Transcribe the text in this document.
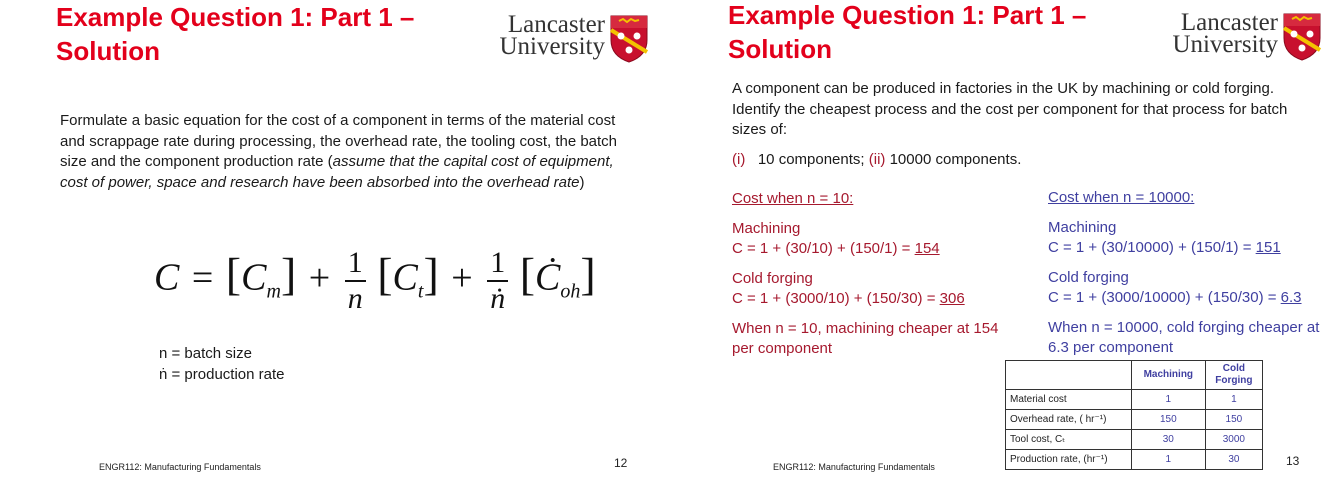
Example Question 1: Part 1 –
Solution
Lancaster
University
Formulate a basic equation for the cost of a component in terms of the material cost and scrappage rate during processing, the overhead rate, the tooling cost, the batch size and the component production rate (assume that the capital cost of equipment, cost of power, space and research have been absorbed into the overhead rate)
$C = [C_m] + \frac{1}{n} [C_t] + \frac{1}{\text{ṅ}}$ $[Ċ_{oh}]$
n = batch size
ṅ = production rate
ENGR112: Manufacturing Fundamentals	12
Example Question 1: Part 1 –
Solution
Lancaster
University
A component can be produced in factories in the UK by machining or cold forging. Identify the cheapest process and the cost per component for that process for batch sizes of:
(i) 10 components; (ii) 10000 components.
Cost when n = 10:
Machining
C = 1 + (30/10) + (150/1) = 154
Cold forging
C = 1 + (3000/10) + (150/30) = 306
When n = 10, machining cheaper at 154 per component
Cost when n = 10000:
Machining
C = 1 + (30/10000) + (150/1) = 151
Cold forging
C = 1 + (3000/10000) + (150/30) = 6.3
When n = 10000, cold forging cheaper at 6.3 per component
	Machining	Cold Forging
Material cost	1	1
Overhead rate, ( hr⁻¹)	150	150
Tool cost, Cₜ	30	3000
Production rate, (hr⁻¹)	1	30
ENGR112: Manufacturing Fundamentals	13
